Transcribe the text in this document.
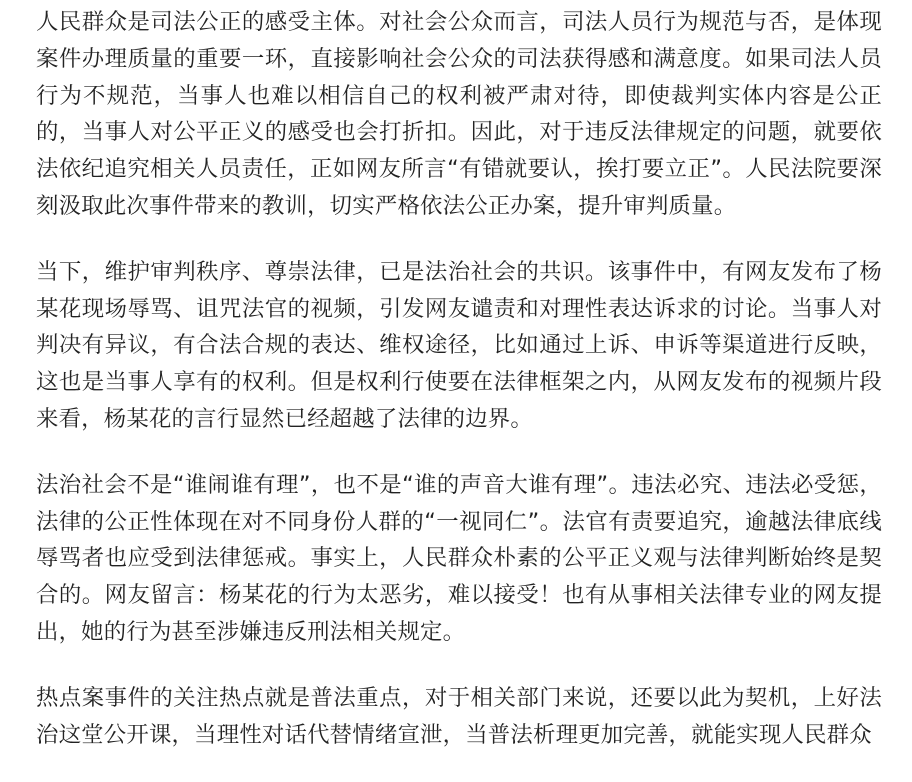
人民群众是司法公正的感受主体。对社会公众而言，司法人员行为规范与否，是体现案件办理质量的重要一环，直接影响社会公众的司法获得感和满意度。如果司法人员行为不规范，当事人也难以相信自己的权利被严肃对待，即使裁判实体内容是公正的，当事人对公平正义的感受也会打折扣。因此，对于违反法律规定的问题，就要依法依纪追究相关人员责任，正如网友所言“有错就要认，挨打要立正”。人民法院要深刻汲取此次事件带来的教训，切实严格依法公正办案，提升审判质量。

当下，维护审判秩序、尊崇法律，已是法治社会的共识。该事件中，有网友发布了杨某花现场辱骂、诅咒法官的视频，引发网友谴责和对理性表达诉求的讨论。当事人对判决有异议，有合法合规的表达、维权途径，比如通过上诉、申诉等渠道进行反映，这也是当事人享有的权利。但是权利行使要在法律框架之内，从网友发布的视频片段来看，杨某花的言行显然已经超越了法律的边界。

法治社会不是“谁闹谁有理”，也不是“谁的声音大谁有理”。违法必究、违法必受惩，法律的公正性体现在对不同身份人群的“一视同仁”。法官有责要追究，逾越法律底线辱骂者也应受到法律惩戒。事实上，人民群众朴素的公平正义观与法律判断始终是契合的。网友留言：杨某花的行为太恶劣，难以接受！也有从事相关法律专业的网友提出，她的行为甚至涉嫌违反刑法相关规定。

热点案事件的关注热点就是普法重点，对于相关部门来说，还要以此为契机，上好法治这堂公开课，当理性对话代替情绪宣泄，当普法析理更加完善，就能实现人民群众
